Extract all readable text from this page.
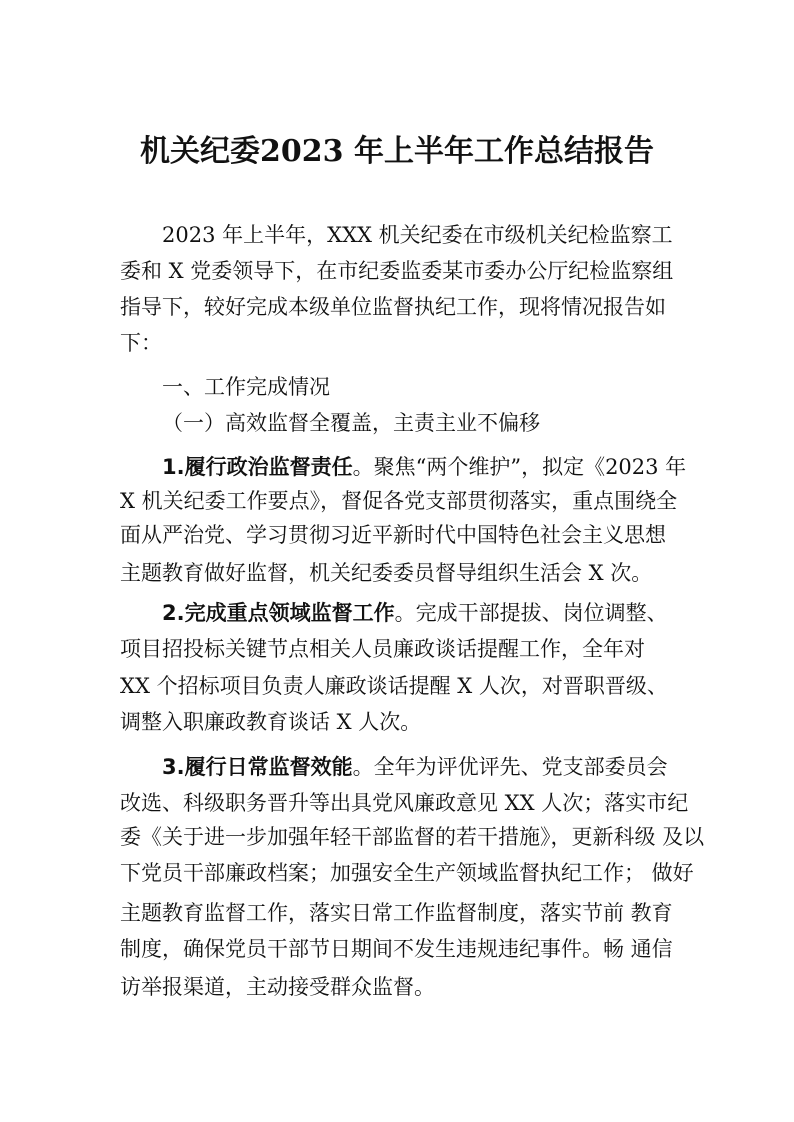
机关纪委2023 年上半年工作总结报告
2023 年上半年，XXX 机关纪委在市级机关纪检监察工
委和 X 党委领导下，在市纪委监委某市委办公厅纪检监察组
指导下，较好完成本级单位监督执纪工作，现将情况报告如
下：
一、工作完成情况
（一）高效监督全覆盖，主责主业不偏移
1.履行政治监督责任。聚焦“两个维护”，拟定《2023 年
X 机关纪委工作要点》，督促各党支部贯彻落实，重点围绕全
面从严治党、学习贯彻习近平新时代中国特色社会主义思想
主题教育做好监督，机关纪委委员督导组织生活会 X 次。
2.完成重点领域监督工作。完成干部提拔、岗位调整、
项目招投标关键节点相关人员廉政谈话提醒工作，全年对
XX 个招标项目负责人廉政谈话提醒 X 人次，对晋职晋级、
调整入职廉政教育谈话 X 人次。
3.履行日常监督效能。全年为评优评先、党支部委员会
改选、科级职务晋升等出具党风廉政意见 XX 人次；落实市纪
委《关于进一步加强年轻干部监督的若干措施》，更新科级 及以
下党员干部廉政档案；加强安全生产领域监督执纪工作； 做好
主题教育监督工作，落实日常工作监督制度，落实节前 教育
制度，确保党员干部节日期间不发生违规违纪事件。畅 通信
访举报渠道，主动接受群众监督。
